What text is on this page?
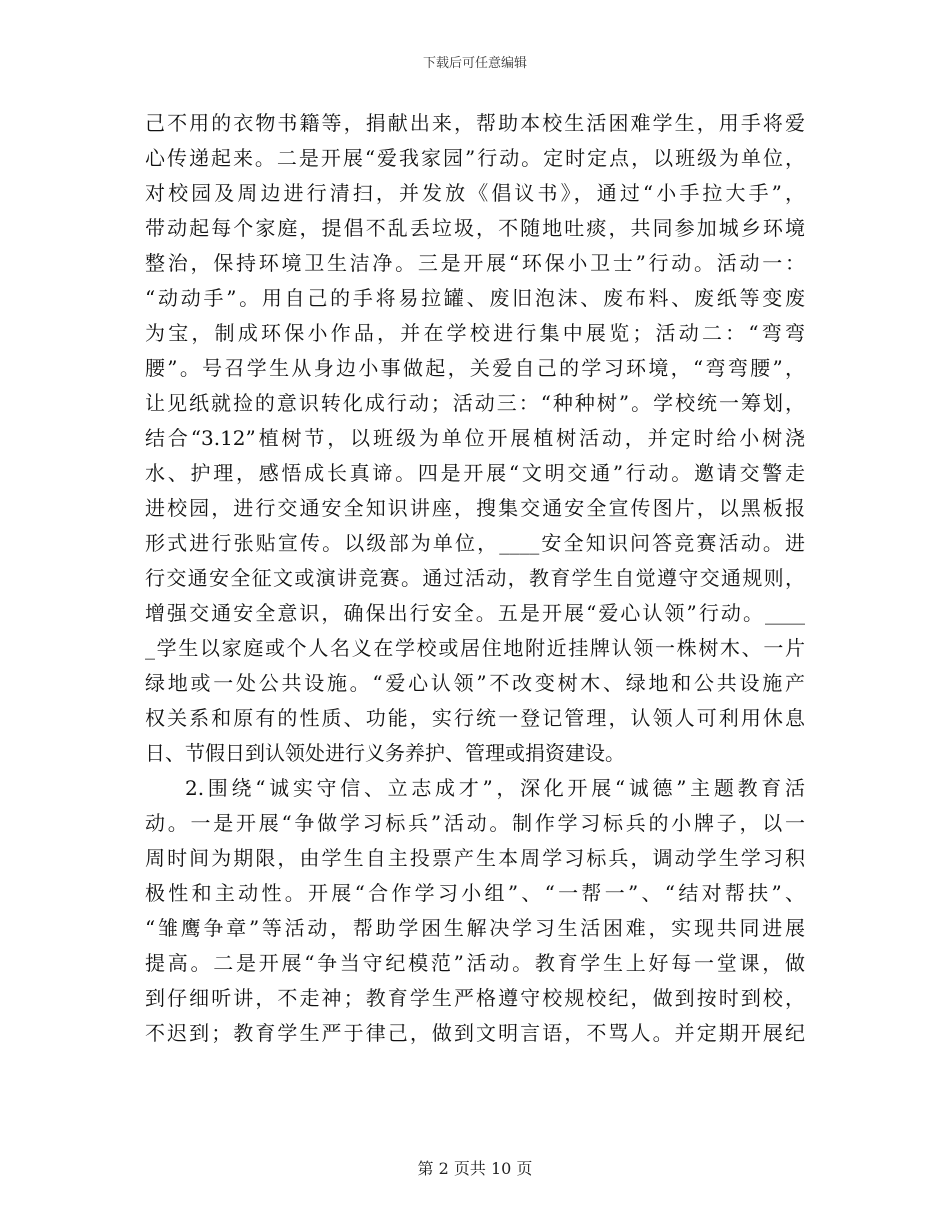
下载后可任意编辑
己不用的衣物书籍等，捐献出来，帮助本校生活困难学生，用手将爱
心传递起来。二是开展“爱我家园”行动。定时定点，以班级为单位，
对校园及周边进行清扫，并发放《倡议书》，通过“小手拉大手”，
带动起每个家庭，提倡不乱丢垃圾，不随地吐痰，共同参加城乡环境
整治，保持环境卫生洁净。三是开展“环保小卫士”行动。活动一：
“动动手”。用自己的手将易拉罐、废旧泡沫、废布料、废纸等变废
为宝，制成环保小作品，并在学校进行集中展览；活动二：“弯弯
腰”。号召学生从身边小事做起，关爱自己的学习环境，“弯弯腰”，
让见纸就捡的意识转化成行动；活动三：“种种树”。学校统一筹划，
结合“3.12”植树节，以班级为单位开展植树活动，并定时给小树浇
水、护理，感悟成长真谛。四是开展“文明交通”行动。邀请交警走
进校园，进行交通安全知识讲座，搜集交通安全宣传图片，以黑板报
形式进行张贴宣传。以级部为单位，____安全知识问答竞赛活动。进
行交通安全征文或演讲竞赛。通过活动，教育学生自觉遵守交通规则，
增强交通安全意识，确保出行安全。五是开展“爱心认领”行动。____
_学生以家庭或个人名义在学校或居住地附近挂牌认领一株树木、一片
绿地或一处公共设施。“爱心认领”不改变树木、绿地和公共设施产
权关系和原有的性质、功能，实行统一登记管理，认领人可利用休息
日、节假日到认领处进行义务养护、管理或捐资建设。
2.围绕“诚实守信、立志成才”，深化开展“诚德”主题教育活
动。一是开展“争做学习标兵”活动。制作学习标兵的小牌子，以一
周时间为期限，由学生自主投票产生本周学习标兵，调动学生学习积
极性和主动性。开展“合作学习小组”、“一帮一”、“结对帮扶”、
“雏鹰争章”等活动，帮助学困生解决学习生活困难，实现共同进展
提高。二是开展“争当守纪模范”活动。教育学生上好每一堂课，做
到仔细听讲，不走神；教育学生严格遵守校规校纪，做到按时到校，
不迟到；教育学生严于律己，做到文明言语，不骂人。并定期开展纪
第 2 页共 10 页
